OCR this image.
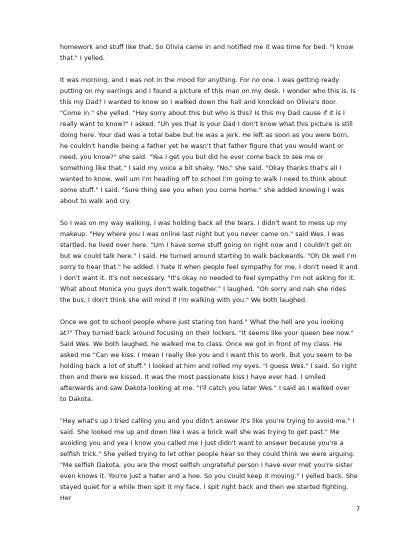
homework and stuff like that. So Olivia came in and notified me it was time for bed. "I know that." I yelled.

It was morning, and I was not in the mood for anything. For no one. I was getting ready putting on my earrings and I found a picture of this man on my desk. I wonder who this is. Is this my Dad? I wanted to know so I walked down the hall and knocked on Olivia's door. "Come in." she yelled. "Hey sorry about this but who is this? Is this my Dad cause if it is I really want to know?" I asked. "Uh yes that is your Dad I don't know what this picture is still doing here. Your dad was a total babe but he was a jerk. He left as soon as you were born, he couldn't handle being a father yet he wasn't that father figure that you would want or need, you know?" she said. "Yea I get you but did he ever come back to see me or something like that." I said my voice a bit shaky. "No." she said. "Okay thanks that's all I wanted to know, well um I'm heading off to school I'm going to walk I need to think about some stuff." I said. "Sure thing see you when you come home." she added knowing I was about to walk and cry.

So I was on my way walking, I was holding back all the tears. I didn't want to mess up my makeup. "Hey where you I was online last night but you never came on." said Wes. I was startled, he lived over here. "Um I have some stuff going on right now and I couldn't get on but we could talk here." I said. He turned around starting to walk backwards. "Oh Ok well I'm sorry to hear that." he added. I hate it when people feel sympathy for me, I don't need it and I don't want it. It's not necessary. "It's okay no needed to feel sympathy I'm not asking for it. What about Monica you guys don't walk together." I laughed. "Oh sorry and nah she rides the bus, I don't think she will mind if I'm walking with you." We both laughed.

Once we got to school people where just staring too hard." What the hell are you looking at?" They turned back around focusing on their lockers. "It seems like your queen bee now." Said Wes. We both laughed, he walked me to class. Once we got in front of my class. He asked me "Can we kiss, I mean I really like you and I want this to work. But you seem to be holding back a lot of stuff." I looked at him and rolled my eyes. "I guess Wes." I said. So right then and there we kissed. It was the most passionate kiss I have ever had. I smiled afterwards and saw Dakota looking at me. "I'll catch you later Wes." I said as I walked over to Dakota.

"Hey what's up I tried calling you and you didn't answer it's like you're trying to avoid me." I said. She looked me up and down like I was a brick wall she was trying to get past." Me avoiding you and yea I know you called me I just didn't want to answer because you're a selfish trick." She yelled trying to let other people hear so they could think we were arguing. "Me selfish Dakota, you are the most selfish ungrateful person I have ever met you're sister even knows it. You're just a hater and a hoe. So you could keep it moving." I yelled back. She stayed quiet for a while then spit it my face. I spit right back and then we started fighting. Her

7
